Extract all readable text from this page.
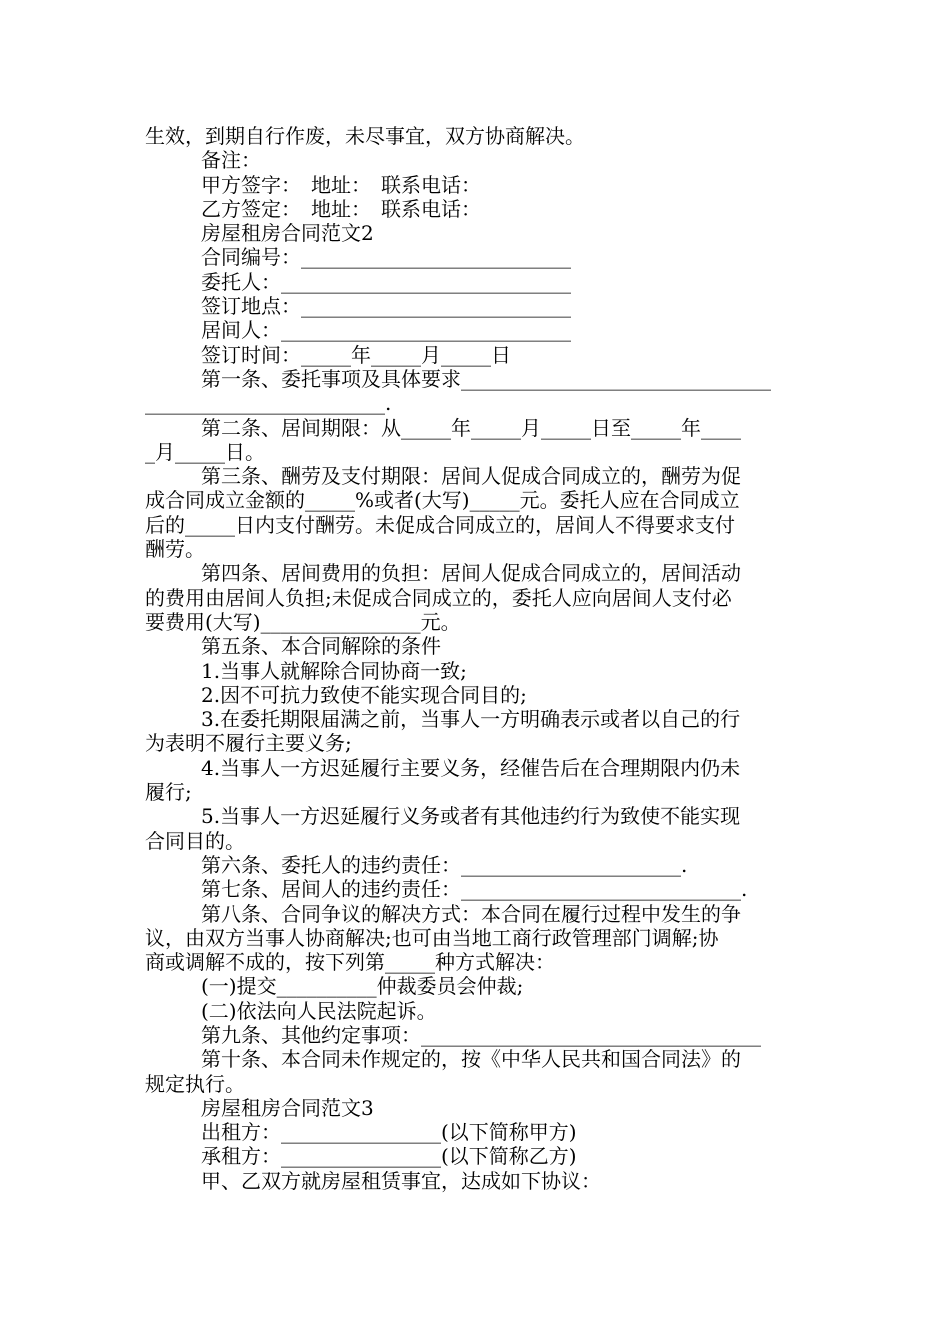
生效，到期自行作废，未尽事宜，双方协商解决。
备注：
甲方签字：　地址：　联系电话：
乙方签定：　地址：　联系电话：
房屋租房合同范文2
合同编号：___________________________
委托人：_____________________________
签订地点：___________________________
居间人：_____________________________
签订时间：_____年_____月_____日
第一条、委托事项及具体要求_______________________________
________________________.
第二条、居间期限：从_____年_____月_____日至_____年____
_月_____日。
第三条、酬劳及支付期限：居间人促成合同成立的，酬劳为促
成合同成立金额的_____%或者(大写)_____元。委托人应在合同成立
后的_____日内支付酬劳。未促成合同成立的，居间人不得要求支付
酬劳。
第四条、居间费用的负担：居间人促成合同成立的，居间活动
的费用由居间人负担;未促成合同成立的，委托人应向居间人支付必
要费用(大写)________________元。
第五条、本合同解除的条件
1.当事人就解除合同协商一致;
2.因不可抗力致使不能实现合同目的;
3.在委托期限届满之前，当事人一方明确表示或者以自己的行
为表明不履行主要义务;
4.当事人一方迟延履行主要义务，经催告后在合理期限内仍未
履行;
5.当事人一方迟延履行义务或者有其他违约行为致使不能实现
合同目的。
第六条、委托人的违约责任：______________________.
第七条、居间人的违约责任：____________________________.
第八条、合同争议的解决方式：本合同在履行过程中发生的争
议，由双方当事人协商解决;也可由当地工商行政管理部门调解;协
商或调解不成的，按下列第_____种方式解决：
(一)提交__________仲裁委员会仲裁;
(二)依法向人民法院起诉。
第九条、其他约定事项：__________________________________
第十条、本合同未作规定的，按《中华人民共和国合同法》的
规定执行。
房屋租房合同范文3
出租方：________________(以下简称甲方)
承租方：________________(以下简称乙方)
甲、乙双方就房屋租赁事宜，达成如下协议：
